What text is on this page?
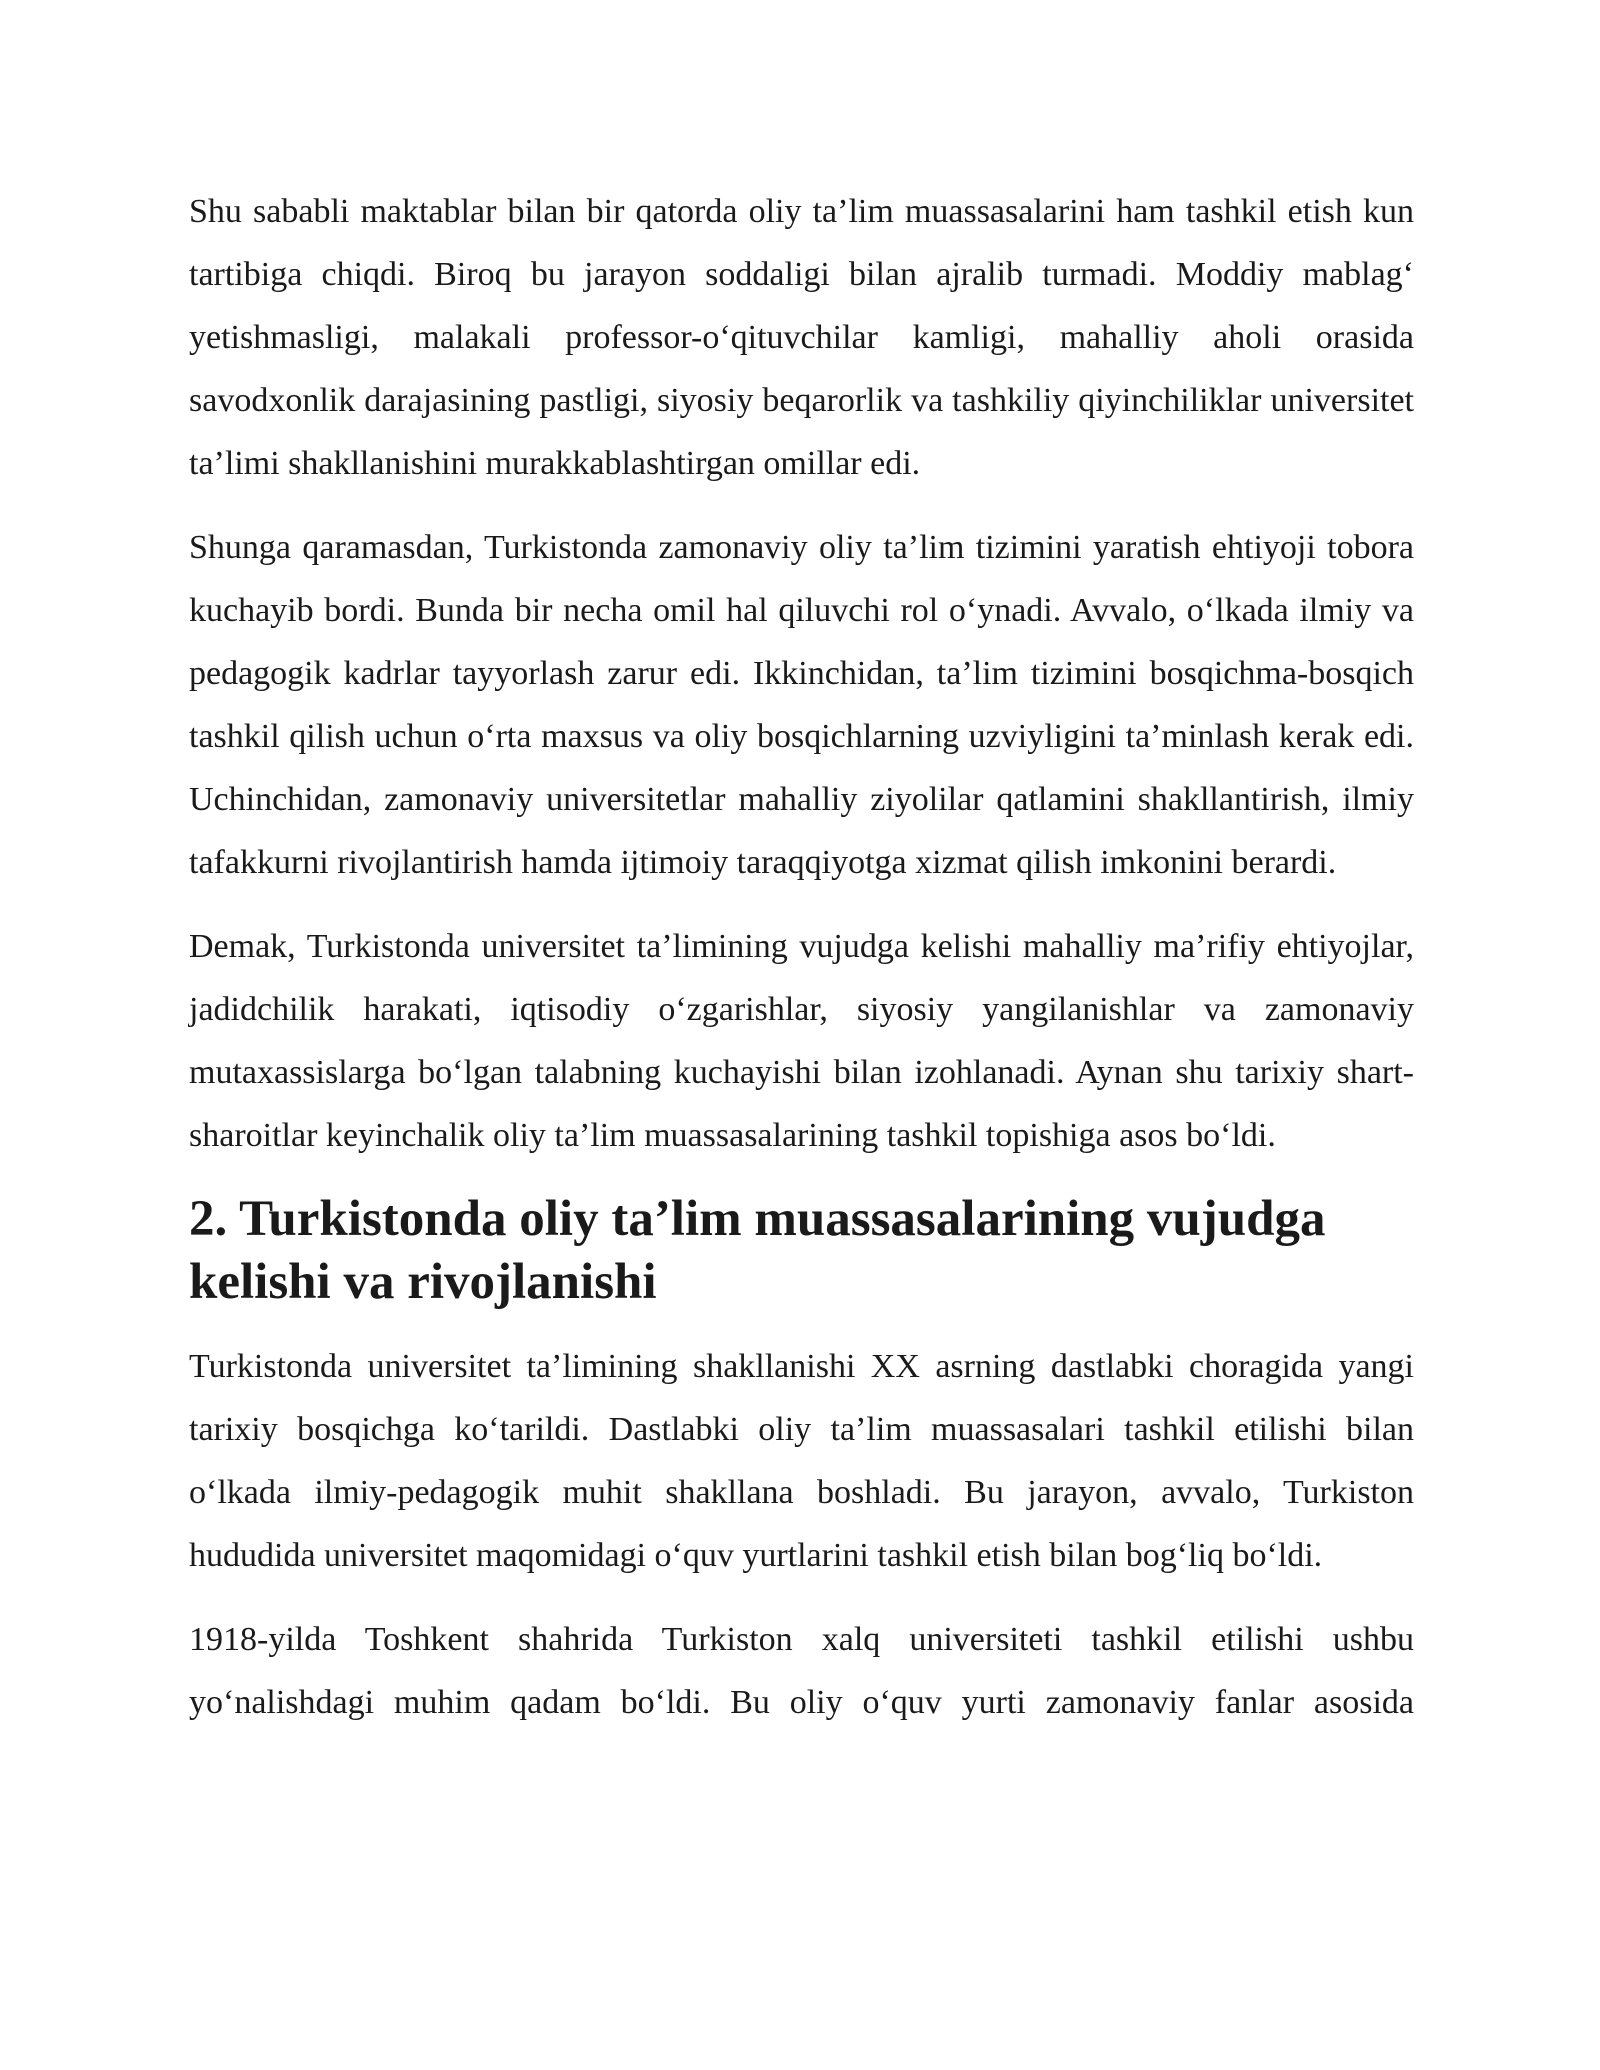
Shu sababli maktablar bilan bir qatorda oliy ta’lim muassasalarini ham tashkil etish kun tartibiga chiqdi. Biroq bu jarayon soddaligi bilan ajralib turmadi. Moddiy mablag‘ yetishmasligi, malakali professor-o‘qituvchilar kamligi, mahalliy aholi orasida savodxonlik darajasining pastligi, siyosiy beqarorlik va tashkiliy qiyinchiliklar universitet ta’limi shakllanishini murakkablashtirgan omillar edi.

Shunga qaramasdan, Turkistonda zamonaviy oliy ta’lim tizimini yaratish ehtiyoji tobora kuchayib bordi. Bunda bir necha omil hal qiluvchi rol o‘ynadi. Avvalo, o‘lkada ilmiy va pedagogik kadrlar tayyorlash zarur edi. Ikkinchidan, ta’lim tizimini bosqichma-bosqich tashkil qilish uchun o‘rta maxsus va oliy bosqichlarning uzviyligini ta’minlash kerak edi. Uchinchidan, zamonaviy universitetlar mahalliy ziyolilar qatlamini shakllantirish, ilmiy tafakkurni rivojlantirish hamda ijtimoiy taraqqiyotga xizmat qilish imkonini berardi.

Demak, Turkistonda universitet ta’limining vujudga kelishi mahalliy ma’rifiy ehtiyojlar, jadidchilik harakati, iqtisodiy o‘zgarishlar, siyosiy yangilanishlar va zamonaviy mutaxassislarga bo‘lgan talabning kuchayishi bilan izohlanadi. Aynan shu tarixiy shart-sharoitlar keyinchalik oliy ta’lim muassasalarining tashkil topishiga asos bo‘ldi.

2. Turkistonda oliy ta’lim muassasalarining vujudga kelishi va rivojlanishi

Turkistonda universitet ta’limining shakllanishi XX asrning dastlabki choragida yangi tarixiy bosqichga ko‘tarildi. Dastlabki oliy ta’lim muassasalari tashkil etilishi bilan o‘lkada ilmiy-pedagogik muhit shakllana boshladi. Bu jarayon, avvalo, Turkiston hududida universitet maqomidagi o‘quv yurtlarini tashkil etish bilan bog‘liq bo‘ldi.

1918-yilda Toshkent shahrida Turkiston xalq universiteti tashkil etilishi ushbu yo‘nalishdagi muhim qadam bo‘ldi. Bu oliy o‘quv yurti zamonaviy fanlar asosida
